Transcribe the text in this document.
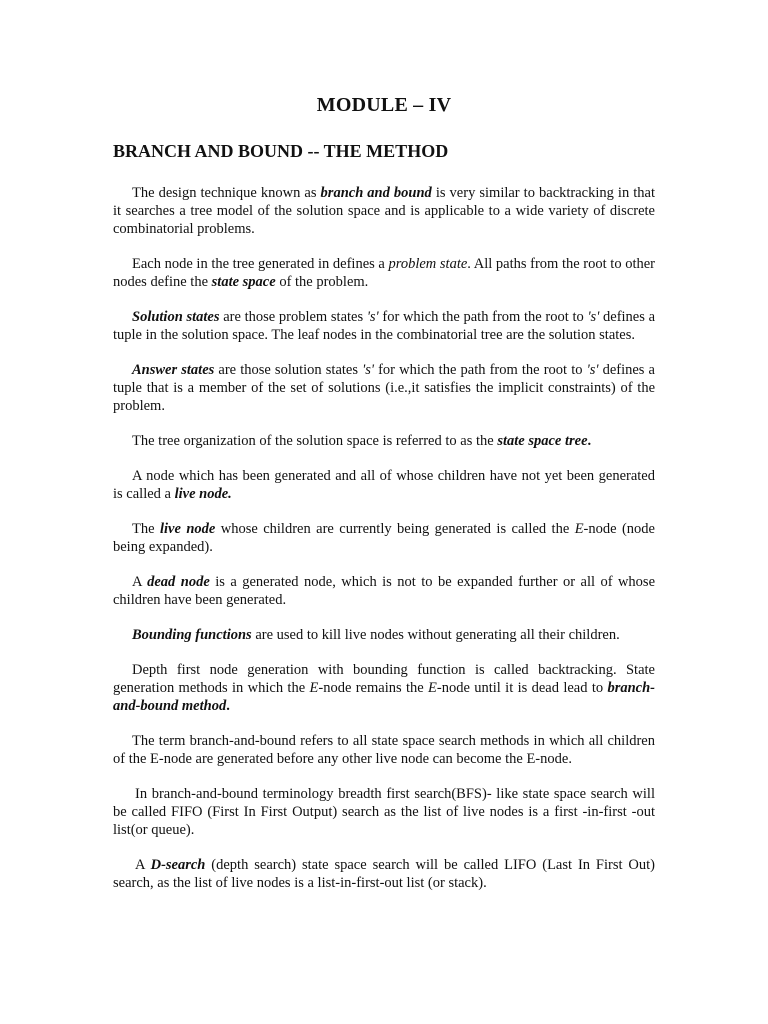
MODULE – IV
BRANCH AND BOUND -- THE METHOD

The design technique known as branch and bound is very similar to backtracking in that it searches a tree model of the solution space and is applicable to a wide variety of discrete combinatorial problems.

Each node in the tree generated in defines a problem state. All paths from the root to other nodes define the state space of the problem.

Solution states are those problem states 's' for which the path from the root to 's' defines a tuple in the solution space. The leaf nodes in the combinatorial tree are the solution states.

Answer states are those solution states 's' for which the path from the root to 's' defines a tuple that is a member of the set of solutions (i.e.,it satisfies the implicit constraints) of the problem.

The tree organization of the solution space is referred to as the state space tree.

A node which has been generated and all of whose children have not yet been generated is called a live node.

The live node whose children are currently being generated is called the E-node (node being expanded).

A dead node is a generated node, which is not to be expanded further or all of whose children have been generated.

Bounding functions are used to kill live nodes without generating all their children.

Depth first node generation with bounding function is called backtracking. State generation methods in which the E-node remains the E-node until it is dead lead to branch-and-bound method.

The term branch-and-bound refers to all state space search methods in which all children of the E-node are generated before any other live node can become the E-node.

In branch-and-bound terminology breadth first search(BFS)- like state space search will be called FIFO (First In First Output) search as the list of live nodes is a first -in-first -out list(or queue).

A D-search (depth search) state space search will be called LIFO (Last In First Out) search, as the list of live nodes is a list-in-first-out list (or stack).
